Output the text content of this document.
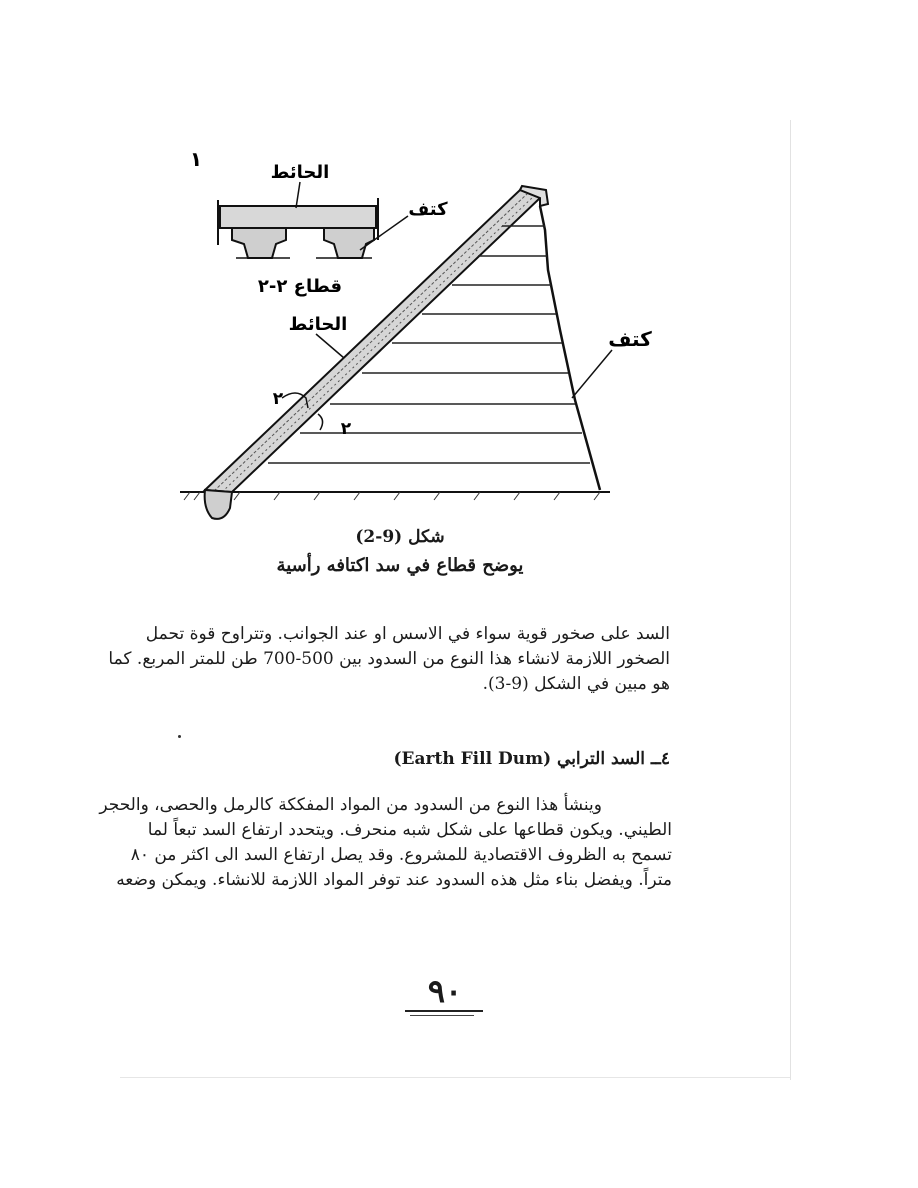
١
الحائط
كتف
قطاع ٢-٢
الحائط
كتف
٢
٢
شكل (9-2)
يوضح قطاع في سد اكتافه رأسية
السد على صخور قوية سواء في الاسس او عند الجوانب. وتتراوح قوة تحمل
الصخور اللازمة لانشاء هذا النوع من السدود بين 500-700 طن للمتر المربع. كما
هو مبين في الشكل (9-3).
٤ــ السد الترابي (Earth Fill Dum)
وينشأ هذا النوع من السدود من المواد المفككة كالرمل والحصى، والحجر
الطيني. ويكون قطاعها على شكل شبه منحرف. ويتحدد ارتفاع السد تبعاً لما
تسمح به الظروف الاقتصادية للمشروع. وقد يصل ارتفاع السد الى اكثر من ٨٠
متراً. ويفضل بناء مثل هذه السدود عند توفر المواد اللازمة للانشاء. ويمكن وضعه
٩٠
